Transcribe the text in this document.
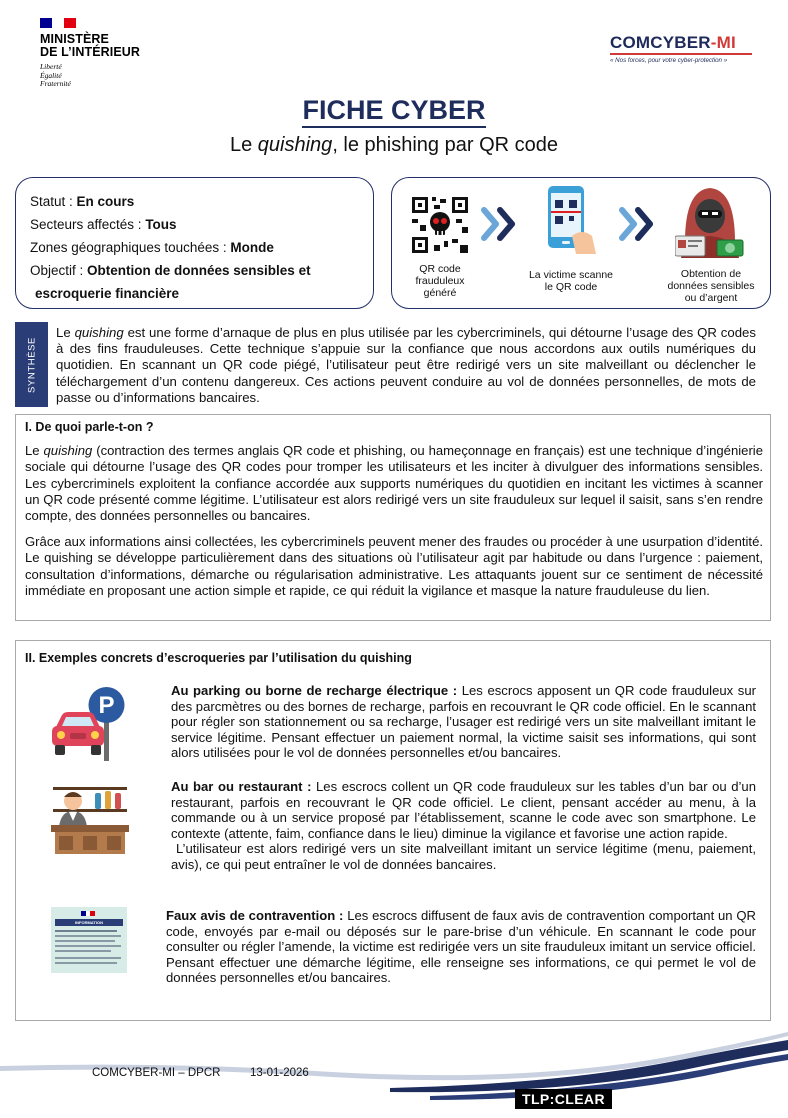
MINISTÈRE
DE L’INTÉRIEUR
Liberté
Égalité
Fraternité
COMCYBER-MI
« Nos forces, pour votre cyber-protection »
FICHE CYBER
Le quishing, le phishing par QR code
Statut : En cours
Secteurs affectés : Tous
Zones géographiques touchées : Monde
Objectif : Obtention de données sensibles et
escroquerie financière
QR code
frauduleux
généré
La victime scanne
le QR code
Obtention de
données sensibles
ou d’argent
SYNTHÈSE
Le quishing est une forme d’arnaque de plus en plus utilisée par les cybercriminels, qui détourne l’usage des QR codes à des fins frauduleuses. Cette technique s’appuie sur la confiance que nous accordons aux outils numériques du quotidien. En scannant un QR code piégé, l’utilisateur peut être redirigé vers un site malveillant ou déclencher le téléchargement d’un contenu dangereux. Ces actions peuvent conduire au vol de données personnelles, de mots de passe ou d’informations bancaires.
I. De quoi parle-t-on ?
Le quishing (contraction des termes anglais QR code et phishing, ou hameçonnage en français) est une technique d’ingénierie sociale qui détourne l’usage des QR codes pour tromper les utilisateurs et les inciter à divulguer des informations sensibles. Les cybercriminels exploitent la confiance accordée aux supports numériques du quotidien en incitant les victimes à scanner un QR code présenté comme légitime. L’utilisateur est alors redirigé vers un site frauduleux sur lequel il saisit, sans s’en rendre compte, des données personnelles ou bancaires.
Grâce aux informations ainsi collectées, les cybercriminels peuvent mener des fraudes ou procéder à une usurpation d’identité. Le quishing se développe particulièrement dans des situations où l’utilisateur agit par habitude ou dans l’urgence : paiement, consultation d’informations, démarche ou régularisation administrative. Les attaquants jouent sur ce sentiment de nécessité immédiate en proposant une action simple et rapide, ce qui réduit la vigilance et masque la nature frauduleuse du lien.
II. Exemples concrets d’escroqueries par l’utilisation du quishing
P
Au parking ou borne de recharge électrique : Les escrocs apposent un QR code frauduleux sur des parcmètres ou des bornes de recharge, parfois en recouvrant le QR code officiel. En le scannant pour régler son stationnement ou sa recharge, l’usager est redirigé vers un site malveillant imitant le service légitime. Pensant effectuer un paiement normal, la victime saisit ses informations, qui sont alors utilisées pour le vol de données personnelles et/ou bancaires.
Au bar ou restaurant : Les escrocs collent un QR code frauduleux sur les tables d’un bar ou d’un restaurant, parfois en recouvrant le QR code officiel. Le client, pensant accéder au menu, à la commande ou à un service proposé par l’établissement, scanne le code avec son smartphone. Le contexte (attente, faim, confiance dans le lieu) diminue la vigilance et favorise une action rapide.
L’utilisateur est alors redirigé vers un site malveillant imitant un service légitime (menu, paiement, avis), ce qui peut entraîner le vol de données bancaires.
INFORMATION	Faux avis de contravention : Les escrocs diffusent de faux avis de contravention comportant un QR code, envoyés par e-mail ou déposés sur le pare-brise d’un véhicule. En scannant le code pour consulter ou régler l’amende, la victime est redirigée vers un site frauduleux imitant un service officiel. Pensant effectuer une démarche légitime, elle renseigne ses informations, ce qui permet le vol de données personnelles et/ou bancaires.
COMCYBER-MI – DPCR	13-01-2026
TLP:CLEAR
